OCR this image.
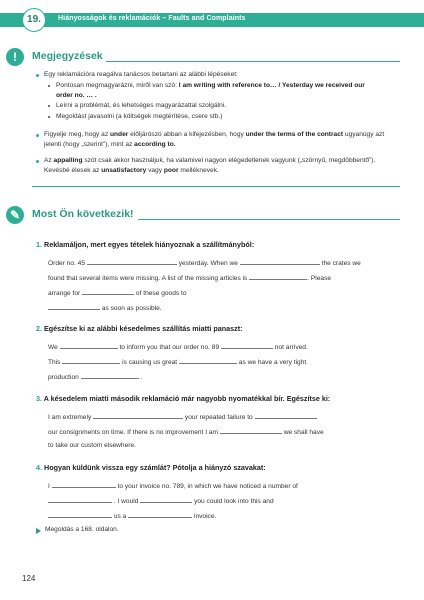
19.	Hiányosságok és reklamációk – Faults and Complaints
!	Megjegyzések
Egy reklamációra reagálva tanácsos betartani az alábbi lépéseket:
Pontosan megmagyarázni, miről van szó: I am writing with reference to… / Yesterday we received our order no. … .
Leírni a problémát, és lehetséges magyarázattal szolgálni.
Megoldást javasolni (a költségek megtérítése, csere stb.)
Figyelje meg, hogy az under előljárószó abban a kifejezésben, hogy under the terms of the contract ugyanúgy azt jelenti (hogy „szerint”), mint az according to.
Az appalling szót csak akkor használjuk, ha valamivel nagyon elégedetlenek vagyunk („szörnyű, megdöbbentő”). Kevésbé élesek az unsatisfactory vagy poor melléknevek.
✎	Most Ön következik!
1. Reklamáljon, mert egyes tételek hiányoznak a szállítmányból:
Order no. 45	yesterday. When we	the crates we
found that several items were missing. A list of the missing articles is	. Please
arrange for	of these goods to
as soon as possible.
2. Egészítse ki az alábbi késedelmes szállítás miatti panaszt:
We	to inform you that our order no. 89	not arrived.
This	is causing us great	as we have a very tight
production	.
3. A késedelem miatti második reklamáció már nagyobb nyomatékkal bír. Egészítse ki:
I am extremely	your repeated failure to
our consignments on time. If there is no improvement I am	we shall have
to take our custom elsewhere.
4. Hogyan küldünk vissza egy számlát? Pótolja a hiányzó szavakat:
I	to your invoice no. 789, in which we have noticed a number of
. I would	you could look into this and
us a	invoice.
Megoldás a 168. oldalon.
124
